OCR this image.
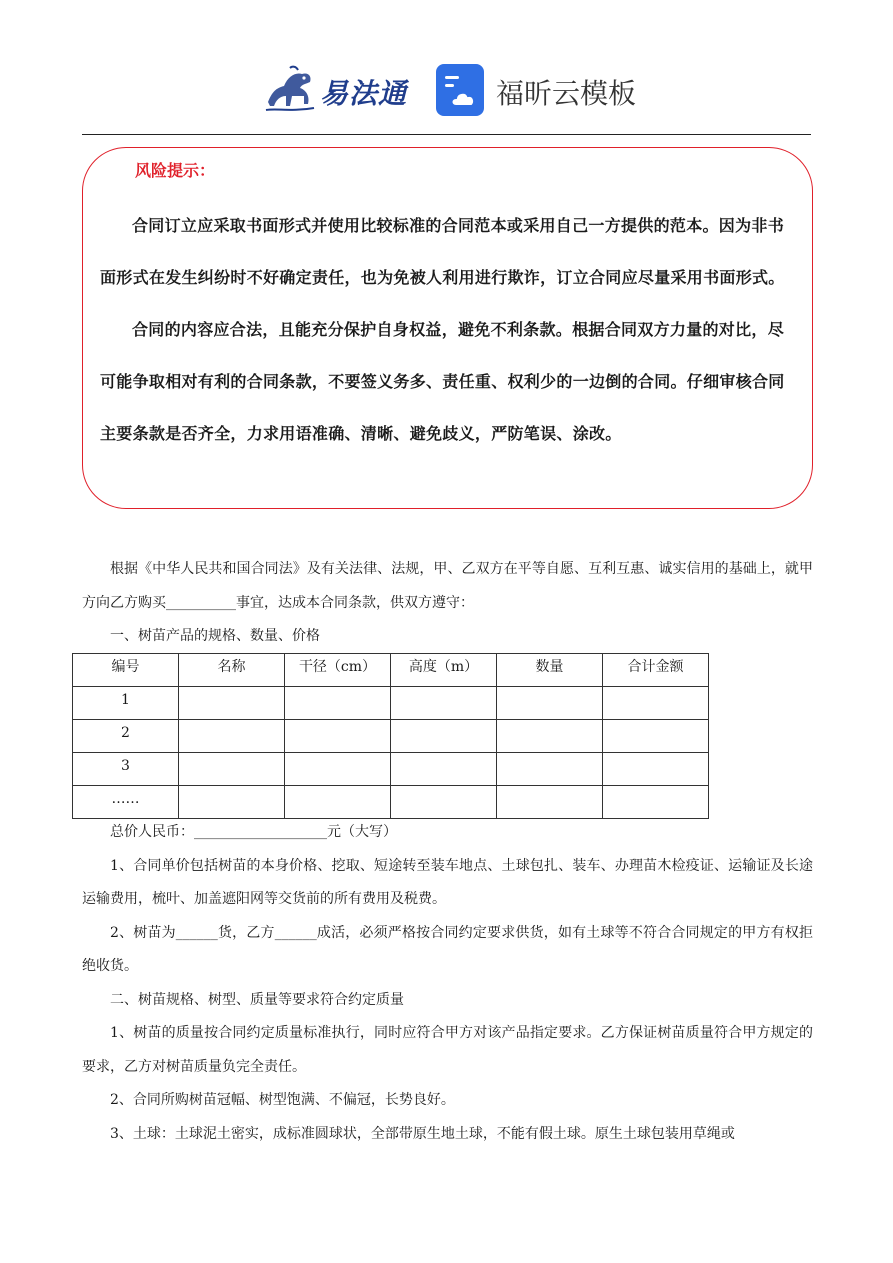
易法通	福昕云模板
风险提示：

合同订立应采取书面形式并使用比较标准的合同范本或采用自己一方提供的范本。因为非书面形式在发生纠纷时不好确定责任，也为免被人利用进行欺诈，订立合同应尽量采用书面形式。

合同的内容应合法，且能充分保护自身权益，避免不利条款。根据合同双方力量的对比，尽可能争取相对有利的合同条款，不要签义务多、责任重、权利少的一边倒的合同。仔细审核合同主要条款是否齐全，力求用语准确、清晰、避免歧义，严防笔误、涂改。

根据《中华人民共和国合同法》及有关法律、法规，甲、乙双方在平等自愿、互利互惠、诚实信用的基础上，就甲方向乙方购买__________事宜，达成本合同条款，供双方遵守：

一、树苗产品的规格、数量、价格

编号	名称	干径（cm）	高度（m）	数量	合计金额
1					
2					
3					
……					

总价人民币：___________________元（大写）

1、合同单价包括树苗的本身价格、挖取、短途转至装车地点、土球包扎、装车、办理苗木检疫证、运输证及长途运输费用，梳叶、加盖遮阳网等交货前的所有费用及税费。

2、树苗为______货，乙方______成活，必须严格按合同约定要求供货，如有土球等不符合合同规定的甲方有权拒绝收货。

二、树苗规格、树型、质量等要求符合约定质量

1、树苗的质量按合同约定质量标准执行，同时应符合甲方对该产品指定要求。乙方保证树苗质量符合甲方规定的要求，乙方对树苗质量负完全责任。

2、合同所购树苗冠幅、树型饱满、不偏冠，长势良好。

3、土球：土球泥土密实，成标准圆球状，全部带原生地土球，不能有假土球。原生土球包装用草绳或
